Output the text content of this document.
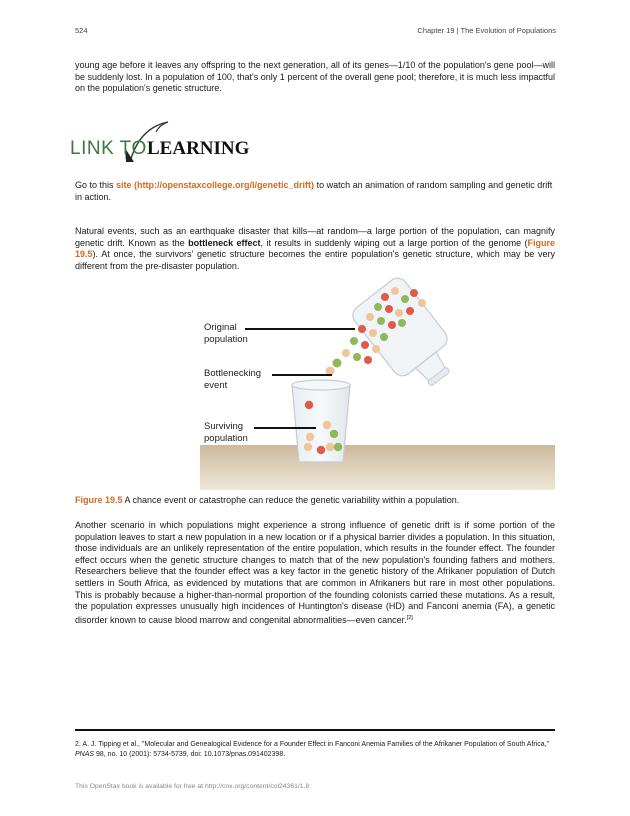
524	Chapter 19 | The Evolution of Populations

young age before it leaves any offspring to the next generation, all of its genes—1/10 of the population's gene pool—will be suddenly lost. In a population of 100, that's only 1 percent of the overall gene pool; therefore, it is much less impactful on the population's genetic structure.

LINK TO LEARNING

Go to this site (http://openstaxcollege.org/l/genetic_drift) to watch an animation of random sampling and genetic drift in action.

Natural events, such as an earthquake disaster that kills—at random—a large portion of the population, can magnify genetic drift. Known as the bottleneck effect, it results in suddenly wiping out a large portion of the genome (Figure 19.5). At once, the survivors' genetic structure becomes the entire population's genetic structure, which may be very different from the pre-disaster population.

Original
population
Bottlenecking
event
Surviving
population

Figure 19.5 A chance event or catastrophe can reduce the genetic variability within a population.

Another scenario in which populations might experience a strong influence of genetic drift is if some portion of the population leaves to start a new population in a new location or if a physical barrier divides a population. In this situation, those individuals are an unlikely representation of the entire population, which results in the founder effect. The founder effect occurs when the genetic structure changes to match that of the new population's founding fathers and mothers. Researchers believe that the founder effect was a key factor in the genetic history of the Afrikaner population of Dutch settlers in South Africa, as evidenced by mutations that are common in Afrikaners but rare in most other populations. This is probably because a higher-than-normal proportion of the founding colonists carried these mutations. As a result, the population expresses unusually high incidences of Huntington's disease (HD) and Fanconi anemia (FA), a genetic disorder known to cause blood marrow and congenital abnormalities—even cancer.[2]

2. A. J. Tipping et al., "Molecular and Genealogical Evidence for a Founder Effect in Fanconi Anemia Families of the Afrikaner Population of South Africa," PNAS 98, no. 10 (2001): 5734-5739, doi: 10.1073/pnas.091402398.

This OpenStax book is available for free at http://cnx.org/content/col24361/1.8
